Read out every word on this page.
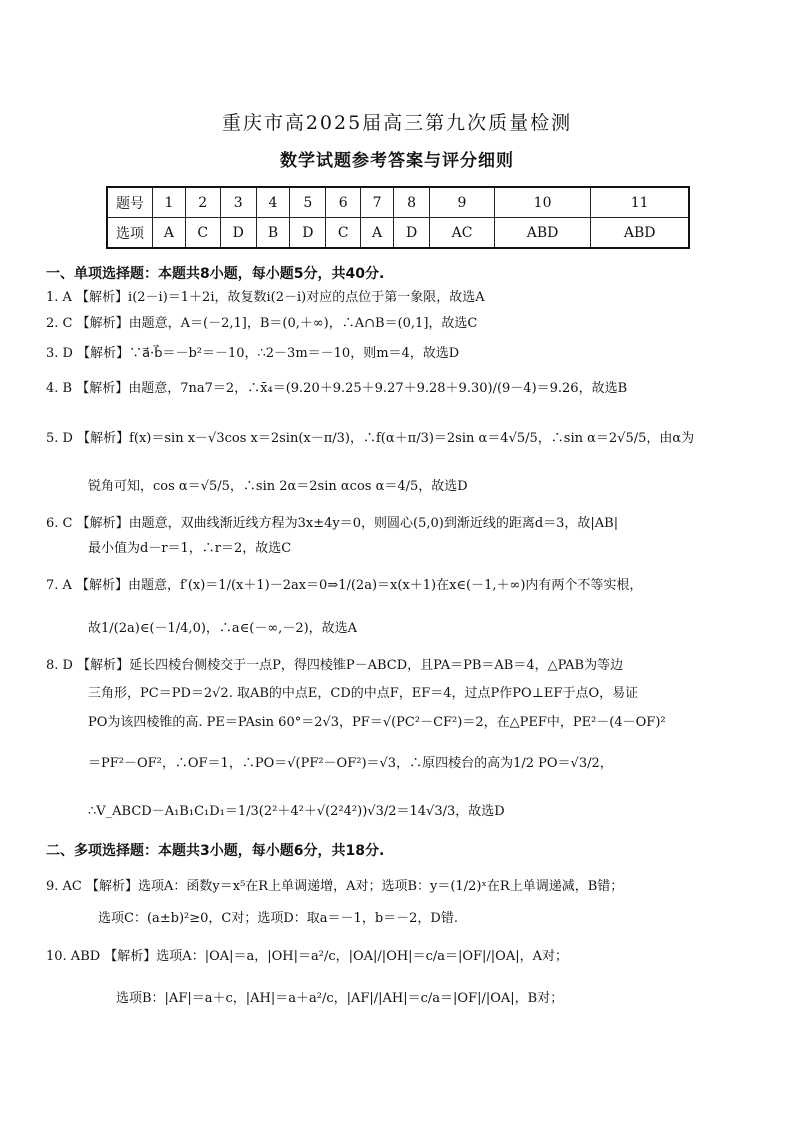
重庆市高2025届高三第九次质量检测
数学试题参考答案与评分细则
题号	1	2	3	4	5	6	7	8	9	10	11
选项	A	C	D	B	D	C	A	D	AC	ABD	ABD
一、单项选择题：本题共8小题，每小题5分，共40分.
1. A 【解析】i(2－i)＝1＋2i，故复数i(2－i)对应的点位于第一象限，故选A
2. C 【解析】由题意，A＝(－2,1]，B＝(0,＋∞)，∴A∩B＝(0,1]，故选C
3. D 【解析】∵a⃗·b⃗＝－b²＝－10，∴2－3m＝－10，则m＝4，故选D
4. B 【解析】由题意，7na7＝2，∴x̄₄＝(9.20＋9.25＋9.27＋9.28＋9.30)/(9－4)＝9.26，故选B
5. D 【解析】f(x)＝sin x－√3cos x＝2sin(x－π/3)，∴f(α＋π/3)＝2sin α＝4√5/5，∴sin α＝2√5/5，由α为
锐角可知，cos α＝√5/5，∴sin 2α＝2sin αcos α＝4/5，故选D
6. C 【解析】由题意，双曲线渐近线方程为3x±4y＝0，则圆心(5,0)到渐近线的距离d＝3，故|AB|
最小值为d－r＝1，∴r＝2，故选C
7. A 【解析】由题意，f′(x)＝1/(x＋1)－2ax＝0⇒1/(2a)＝x(x＋1)在x∈(－1,＋∞)内有两个不等实根，
故1/(2a)∈(－1/4,0)，∴a∈(－∞,－2)，故选A
8. D 【解析】延长四棱台侧棱交于一点P，得四棱锥P－ABCD，且PA＝PB＝AB＝4，△PAB为等边
三角形，PC＝PD＝2√2. 取AB的中点E，CD的中点F，EF＝4，过点P作PO⊥EF于点O，易证
PO为该四棱锥的高. PE＝PAsin 60°＝2√3，PF＝√(PC²－CF²)＝2，在△PEF中，PE²－(4－OF)²
＝PF²－OF²，∴OF＝1，∴PO＝√(PF²－OF²)＝√3，∴原四棱台的高为1/2 PO＝√3/2，
∴V_ABCD－A₁B₁C₁D₁＝1/3(2²＋4²＋√(2²4²))√3/2＝14√3/3，故选D
二、多项选择题：本题共3小题，每小题6分，共18分.
9. AC 【解析】选项A：函数y＝x⁵在R上单调递增，A对；选项B：y＝(1/2)ˣ在R上单调递减，B错；
选项C：(a±b)²≥0，C对；选项D：取a＝－1，b＝－2，D错.
10. ABD 【解析】选项A：|OA|＝a，|OH|＝a²/c，|OA|/|OH|＝c/a＝|OF|/|OA|，A对；
选项B：|AF|＝a＋c，|AH|＝a＋a²/c，|AF|/|AH|＝c/a＝|OF|/|OA|，B对；
